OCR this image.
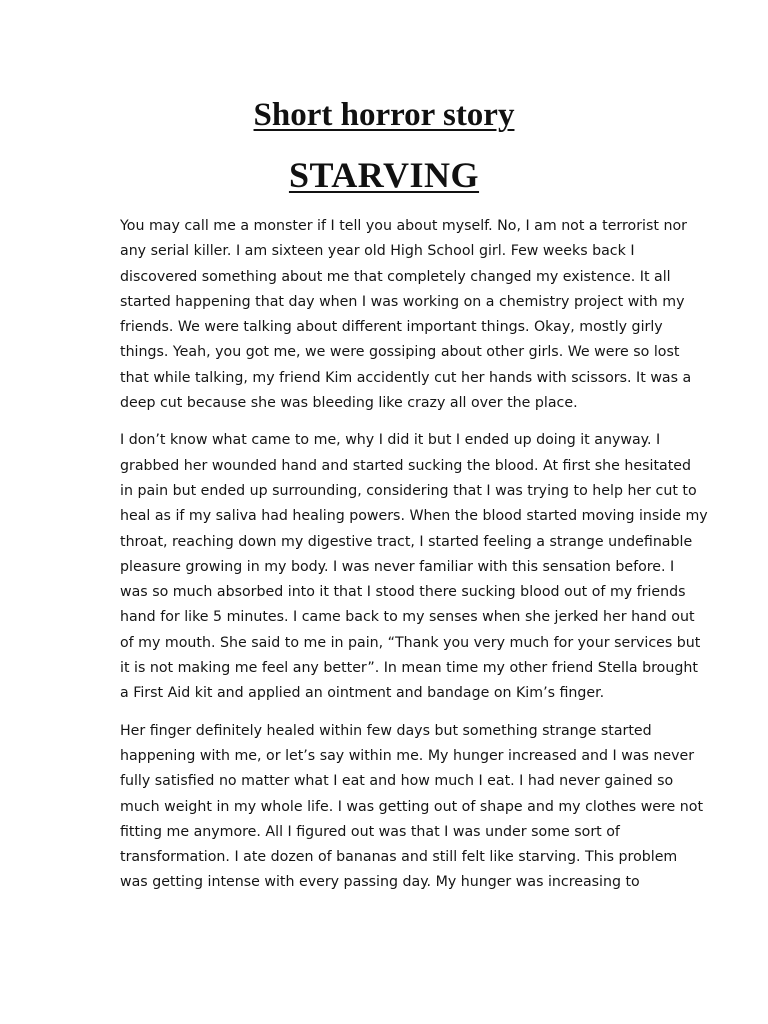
Short horror story
STARVING

You may call me a monster if I tell you about myself. No, I am not a terrorist nor
any serial killer. I am sixteen year old High School girl. Few weeks back I
discovered something about me that completely changed my existence. It all
started happening that day when I was working on a chemistry project with my
friends. We were talking about different important things. Okay, mostly girly
things. Yeah, you got me, we were gossiping about other girls. We were so lost
that while talking, my friend Kim accidently cut her hands with scissors. It was a
deep cut because she was bleeding like crazy all over the place.

I don’t know what came to me, why I did it but I ended up doing it anyway. I
grabbed her wounded hand and started sucking the blood. At first she hesitated
in pain but ended up surrounding, considering that I was trying to help her cut to
heal as if my saliva had healing powers. When the blood started moving inside my
throat, reaching down my digestive tract, I started feeling a strange undefinable
pleasure growing in my body. I was never familiar with this sensation before. I
was so much absorbed into it that I stood there sucking blood out of my friends
hand for like 5 minutes. I came back to my senses when she jerked her hand out
of my mouth. She said to me in pain, “Thank you very much for your services but
it is not making me feel any better”. In mean time my other friend Stella brought
a First Aid kit and applied an ointment and bandage on Kim’s finger.

Her finger definitely healed within few days but something strange started
happening with me, or let’s say within me. My hunger increased and I was never
fully satisfied no matter what I eat and how much I eat. I had never gained so
much weight in my whole life. I was getting out of shape and my clothes were not
fitting me anymore. All I figured out was that I was under some sort of
transformation. I ate dozen of bananas and still felt like starving. This problem
was getting intense with every passing day. My hunger was increasing to
